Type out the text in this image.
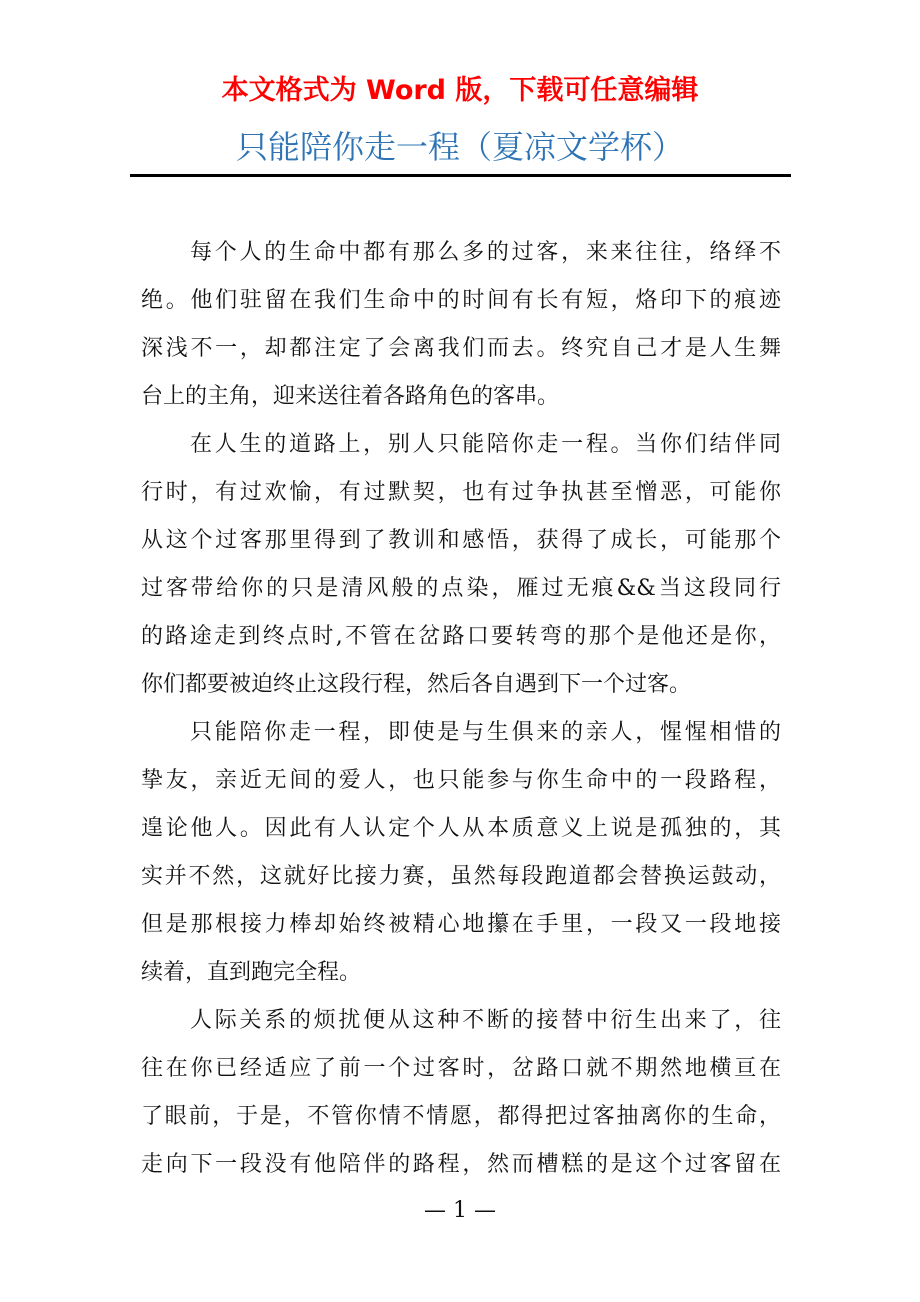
本文格式为 Word 版，下载可任意编辑
只能陪你走一程（夏凉文学杯）
每个人的生命中都有那么多的过客，来来往往，络绎不
绝。他们驻留在我们生命中的时间有长有短，烙印下的痕迹
深浅不一，却都注定了会离我们而去。终究自己才是人生舞
台上的主角，迎来送往着各路角色的客串。
在人生的道路上，别人只能陪你走一程。当你们结伴同
行时，有过欢愉，有过默契，也有过争执甚至憎恶，可能你
从这个过客那里得到了教训和感悟，获得了成长，可能那个
过客带给你的只是清风般的点染，雁过无痕&&当这段同行
的路途走到终点时,不管在岔路口要转弯的那个是他还是你，
你们都要被迫终止这段行程，然后各自遇到下一个过客。
只能陪你走一程，即使是与生俱来的亲人，惺惺相惜的
挚友，亲近无间的爱人，也只能参与你生命中的一段路程，
遑论他人。因此有人认定个人从本质意义上说是孤独的，其
实并不然，这就好比接力赛，虽然每段跑道都会替换运鼓动，
但是那根接力棒却始终被精心地攥在手里，一段又一段地接
续着，直到跑完全程。
人际关系的烦扰便从这种不断的接替中衍生出来了，往
往在你已经适应了前一个过客时，岔路口就不期然地横亘在
了眼前，于是，不管你情不情愿，都得把过客抽离你的生命，
走向下一段没有他陪伴的路程，然而槽糕的是这个过客留在
— 1 —
